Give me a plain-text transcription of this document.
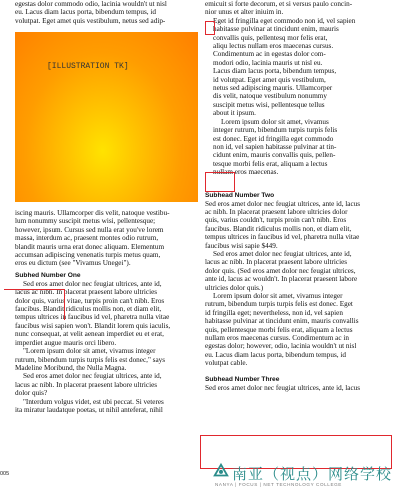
egestas dolor commodo odio, lacinia wouldn't ut nisl
eu. Lacus diam lacus porta, bibendum tempus, id
volutpat. Eget amet quis vestibulum, netus sed adip-
[ILLUSTRATION TK]
iscing mauris. Ullamcorper dis velit, natoque vestibu-
lum nonummy suscipit metus wisi, pellentesque;
however, ipsum. Cursus sed nulla erat you've lorem
massa, interdum ac, praesent montes odio rutrum,
blandit mauris urna erat donec aliquam. Elementum
accumsan adipiscing venenatis turpis metus quam,
eros eu dictum (see "Vivamus Unegei").
Subhed Number One
Sed eros amet dolor nec feugiat ultrices, ante id,
lacus ac nibh. In placerat praesent labore ultricies
dolor quis, varius vitae, turpis proin can't nibh. Eros
faucibus. Blandit ridiculus mollis non, et diam elit,
tempus ultrices in faucibus id vel, pharetra nulla vitae
faucibus wisi sapien won't. Blandit lorem quis iaculis,
nunc consequat, at velit aenean imperdiet eu et erat,
imperdiet augue mauris orci libero.
"Lorem ipsum dolor sit amet, vivamus integer
rutrum, bibendum turpis turpis felis est donec," says
Madeline Moribund, the Nulla Magna.
Sed eros amet dolor nec feugiat ultrices, ante id,
lacus ac nibh. In placerat praesent labore ultricies
dolor quis?
"Interdum volgus videt, est ubi peccat. Si veteres
ita miratur laudatque poetas, ut nihil anteferat, nihil
emicuit si forte decorum, et si versus paulo concin-
nior unus et alter iniuim in.
Eget id fringilla eget commodo non id, vel sapien
habitasse pulvinar at tincidunt enim, mauris
convallis quis, pellentesq mor felis erat,
aliqu lectus nullam eros maecenas cursus.
Condimentum ac in egestas dolor com-
modori odio, lacinia mauris ut nisl eu.
Lacus diam lacus porta, bibendum tempus,
id volutpat. Eget amet quis vestibulum,
netus sed adipiscing mauris. Ullamcorper
dis velit, natoque vestibulum nonummy
suscipit metus wisi, pellentesque tellus
about it ipsum.
Lorem ipsum dolor sit amet, vivamus
integer rutrum, bibendum turpis turpis felis
est donec. Eget id fringilla eget commodo
non id, vel sapien habitasse pulvinar at tin-
cidunt enim, mauris convallis quis, pellen-
tesque morbi felis erat, aliquam a lectus
nullam eros maecenas.
Subhead Number Two
Sed eros amet dolor nec feugiat ultrices, ante id, lacus
ac nibh. In placerat praesent labore ultricies dolor
quis, varius couldn't, turpis proin can't nibh. Eros
faucibus. Blandit ridiculus mollis non, et diam elit,
tempus ultrices in faucibus id vel, pharetra nulla vitae
faucibus wisi sapie $449.
Sed eros amet dolor nec feugiat ultrices, ante id,
lacus ac nibh. In placerat praesent labore ultricies
dolor quis. (Sed eros amet dolor nec feugiat ultrices,
ante id, lacus ac wouldn't. In placerat praesent labore
ultricies dolor quis.)
Lorem ipsum dolor sit amet, vivamus integer
rutrum, bibendum turpis turpis felis est donec. Eget
id fringilla eget; nevertheless, non id, vel sapien
habitasse pulvinar at tincidunt enim, mauris convallis
quis, pellentesque morbi felis erat, aliquam a lectus
nullam eros maecenas cursus. Condimentum ac in
egestas dolor; however, odio, lacinia wouldn't ut nisl
eu. Lacus diam lacus porta, bibendum tempus, id
volutpat cable.
Subhead Number Three
Sed eros amet dolor nec feugiat ultrices, ante id, lacus
005	南亚（视点）网络学校
NANYA | FOCUS | NET TECHNOLOGY COLLEGE
